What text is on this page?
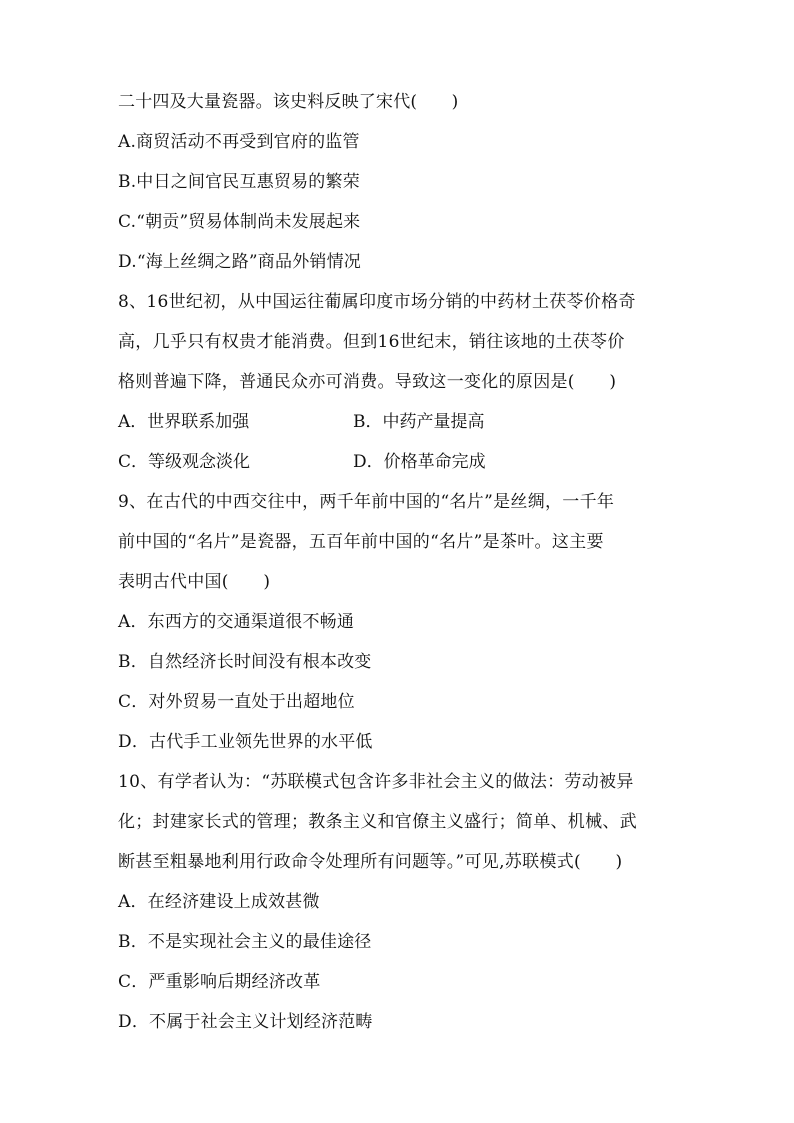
二十四及大量瓷器。该史料反映了宋代(　　)
A.商贸活动不再受到官府的监管
B.中日之间官民互惠贸易的繁荣
C.“朝贡”贸易体制尚未发展起来
D.“海上丝绸之路”商品外销情况
8、16世纪初，从中国运往葡属印度市场分销的中药材土茯苓价格奇
高，几乎只有权贵才能消费。但到16世纪末，销往该地的土茯苓价
格则普遍下降，普通民众亦可消费。导致这一变化的原因是(　　)
A．世界联系加强	B．中药产量提高
C．等级观念淡化	D．价格革命完成
9、在古代的中西交往中，两千年前中国的“名片”是丝绸，一千年
前中国的“名片”是瓷器，五百年前中国的“名片”是茶叶。这主要
表明古代中国(　　)
A．东西方的交通渠道很不畅通
B．自然经济长时间没有根本改变
C．对外贸易一直处于出超地位
D．古代手工业领先世界的水平低
10、有学者认为：“苏联模式包含许多非社会主义的做法：劳动被异
化；封建家长式的管理；教条主义和官僚主义盛行；简单、机械、武
断甚至粗暴地利用行政命令处理所有问题等。”可见,苏联模式(　　)
A．在经济建设上成效甚微
B．不是实现社会主义的最佳途径
C．严重影响后期经济改革
D．不属于社会主义计划经济范畴
